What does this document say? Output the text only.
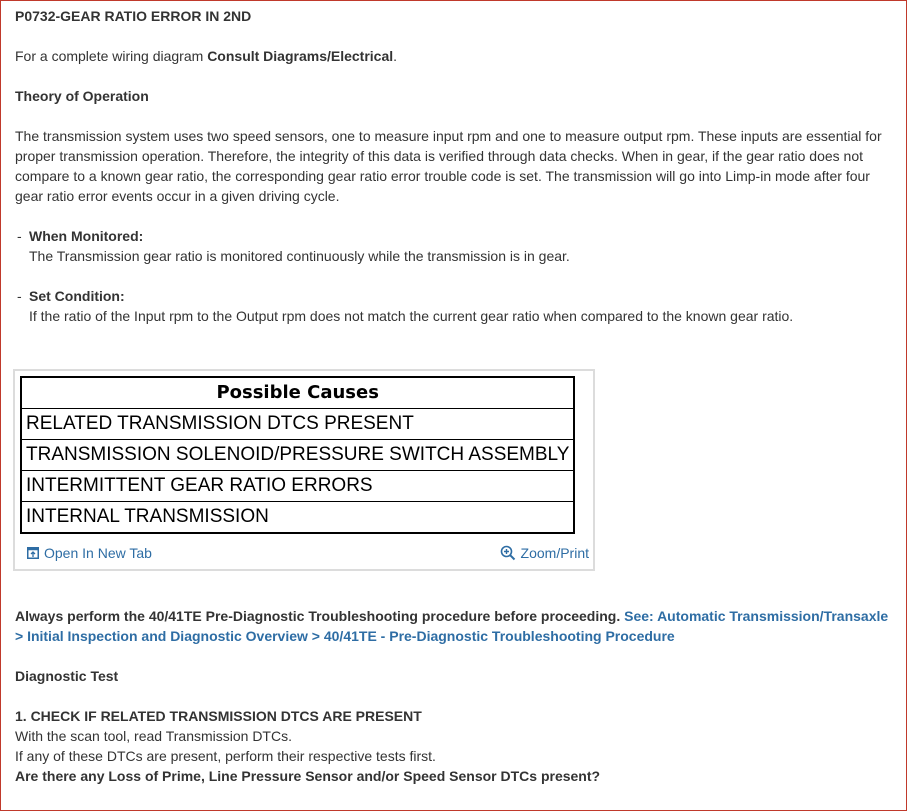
P0732-GEAR RATIO ERROR IN 2ND

For a complete wiring diagram Consult Diagrams/Electrical.

Theory of Operation

The transmission system uses two speed sensors, one to measure input rpm and one to measure output rpm. These inputs are essential for proper transmission operation. Therefore, the integrity of this data is verified through data checks. When in gear, if the gear ratio does not compare to a known gear ratio, the corresponding gear ratio error trouble code is set. The transmission will go into Limp-in mode after four gear ratio error events occur in a given driving cycle.

- When Monitored:

The Transmission gear ratio is monitored continuously while the transmission is in gear.

- Set Condition:

If the ratio of the Input rpm to the Output rpm does not match the current gear ratio when compared to the known gear ratio.

Possible Causes
RELATED TRANSMISSION DTCS PRESENT
TRANSMISSION SOLENOID/PRESSURE SWITCH ASSEMBLY
INTERMITTENT GEAR RATIO ERRORS
INTERNAL TRANSMISSION
Open In New Tab	Zoom/Print

Always perform the 40/41TE Pre-Diagnostic Troubleshooting procedure before proceeding. See: Automatic Transmission/Transaxle > Initial Inspection and Diagnostic Overview > 40/41TE - Pre-Diagnostic Troubleshooting Procedure

Diagnostic Test

1. CHECK IF RELATED TRANSMISSION DTCS ARE PRESENT

With the scan tool, read Transmission DTCs.

If any of these DTCs are present, perform their respective tests first.

Are there any Loss of Prime, Line Pressure Sensor and/or Speed Sensor DTCs present?
